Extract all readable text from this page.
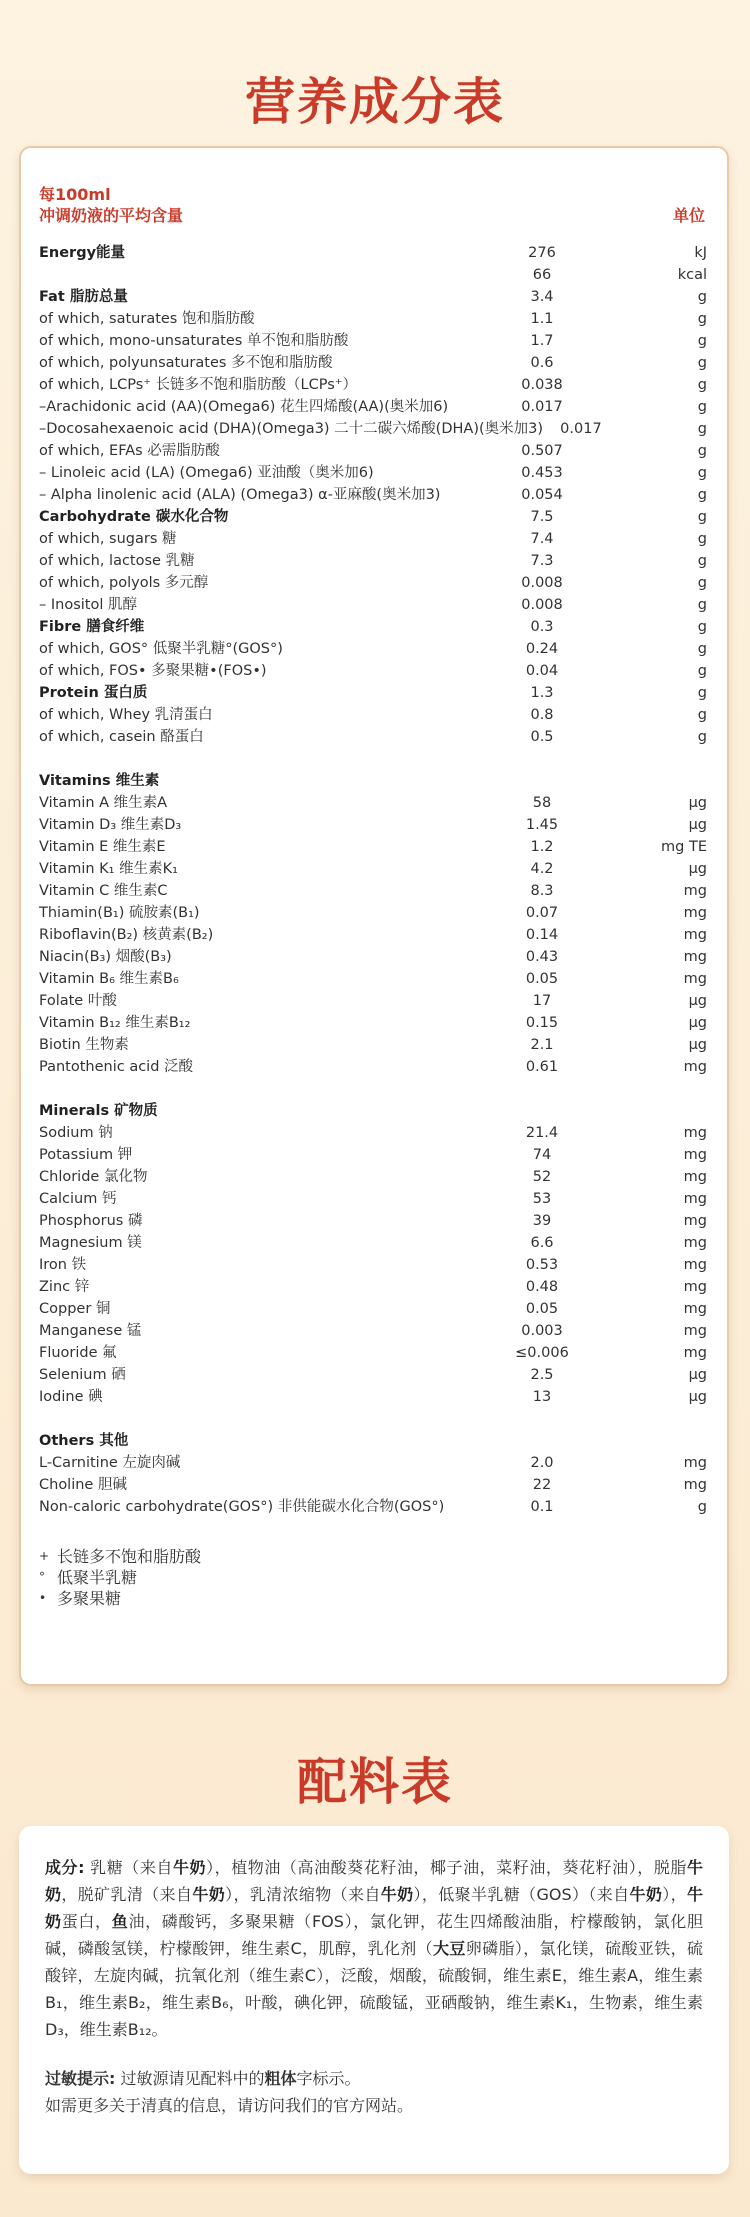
营养成分表
每100ml
冲调奶液的平均含量	单位
Energy能量	276	kJ
66	kcal
Fat 脂肪总量	3.4	g
of which, saturates 饱和脂肪酸	1.1	g
of which, mono-unsaturates 单不饱和脂肪酸	1.7	g
of which, polyunsaturates 多不饱和脂肪酸	0.6	g
of which, LCPs⁺ 长链多不饱和脂肪酸（LCPs⁺）	0.038	g
–Arachidonic acid (AA)(Omega6) 花生四烯酸(AA)(奥米加6)	0.017	g
–Docosahexaenoic acid (DHA)(Omega3) 二十二碳六烯酸(DHA)(奥米加3)	0.017	g
of which, EFAs 必需脂肪酸	0.507	g
– Linoleic acid (LA) (Omega6) 亚油酸（奥米加6)	0.453	g
– Alpha linolenic acid (ALA) (Omega3) α-亚麻酸(奥米加3)	0.054	g
Carbohydrate 碳水化合物	7.5	g
of which, sugars 糖	7.4	g
of which, lactose 乳糖	7.3	g
of which, polyols 多元醇	0.008	g
– Inositol 肌醇	0.008	g
Fibre 膳食纤维	0.3	g
of which, GOS° 低聚半乳糖°(GOS°)	0.24	g
of which, FOS• 多聚果糖•(FOS•)	0.04	g
Protein 蛋白质	1.3	g
of which, Whey 乳清蛋白	0.8	g
of which, casein 酪蛋白	0.5	g
Vitamins 维生素
Vitamin A 维生素A	58	μg
Vitamin D₃ 维生素D₃	1.45	μg
Vitamin E 维生素E	1.2	mg TE
Vitamin K₁ 维生素K₁	4.2	μg
Vitamin C 维生素C	8.3	mg
Thiamin(B₁) 硫胺素(B₁)	0.07	mg
Riboflavin(B₂) 核黄素(B₂)	0.14	mg
Niacin(B₃) 烟酸(B₃)	0.43	mg
Vitamin B₆ 维生素B₆	0.05	mg
Folate 叶酸	17	μg
Vitamin B₁₂ 维生素B₁₂	0.15	μg
Biotin 生物素	2.1	μg
Pantothenic acid 泛酸	0.61	mg
Minerals 矿物质
Sodium 钠	21.4	mg
Potassium 钾	74	mg
Chloride 氯化物	52	mg
Calcium 钙	53	mg
Phosphorus 磷	39	mg
Magnesium 镁	6.6	mg
Iron 铁	0.53	mg
Zinc 锌	0.48	mg
Copper 铜	0.05	mg
Manganese 锰	0.003	mg
Fluoride 氟	≤0.006	mg
Selenium 硒	2.5	μg
Iodine 碘	13	μg
Others 其他
L-Carnitine 左旋肉碱	2.0	mg
Choline 胆碱	22	mg
Non-caloric carbohydrate(GOS°) 非供能碳水化合物(GOS°)	0.1	g
+ 长链多不饱和脂肪酸
° 低聚半乳糖
• 多聚果糖
配料表
成分: 乳糖（来自牛奶），植物油（高油酸葵花籽油，椰子油，菜籽油，葵花籽油），脱脂牛奶，脱矿乳清（来自牛奶），乳清浓缩物（来自牛奶），低聚半乳糖（GOS）（来自牛奶），牛奶蛋白，鱼油，磷酸钙，多聚果糖（FOS），氯化钾，花生四烯酸油脂，柠檬酸钠，氯化胆碱，磷酸氢镁，柠檬酸钾，维生素C，肌醇，乳化剂（大豆卵磷脂），氯化镁，硫酸亚铁，硫酸锌，左旋肉碱，抗氧化剂（维生素C），泛酸，烟酸，硫酸铜，维生素E，维生素A，维生素B₁，维生素B₂，维生素B₆，叶酸，碘化钾，硫酸锰，亚硒酸钠，维生素K₁，生物素，维生素D₃，维生素B₁₂。
过敏提示: 过敏源请见配料中的粗体字标示。
如需更多关于清真的信息，请访问我们的官方网站。
